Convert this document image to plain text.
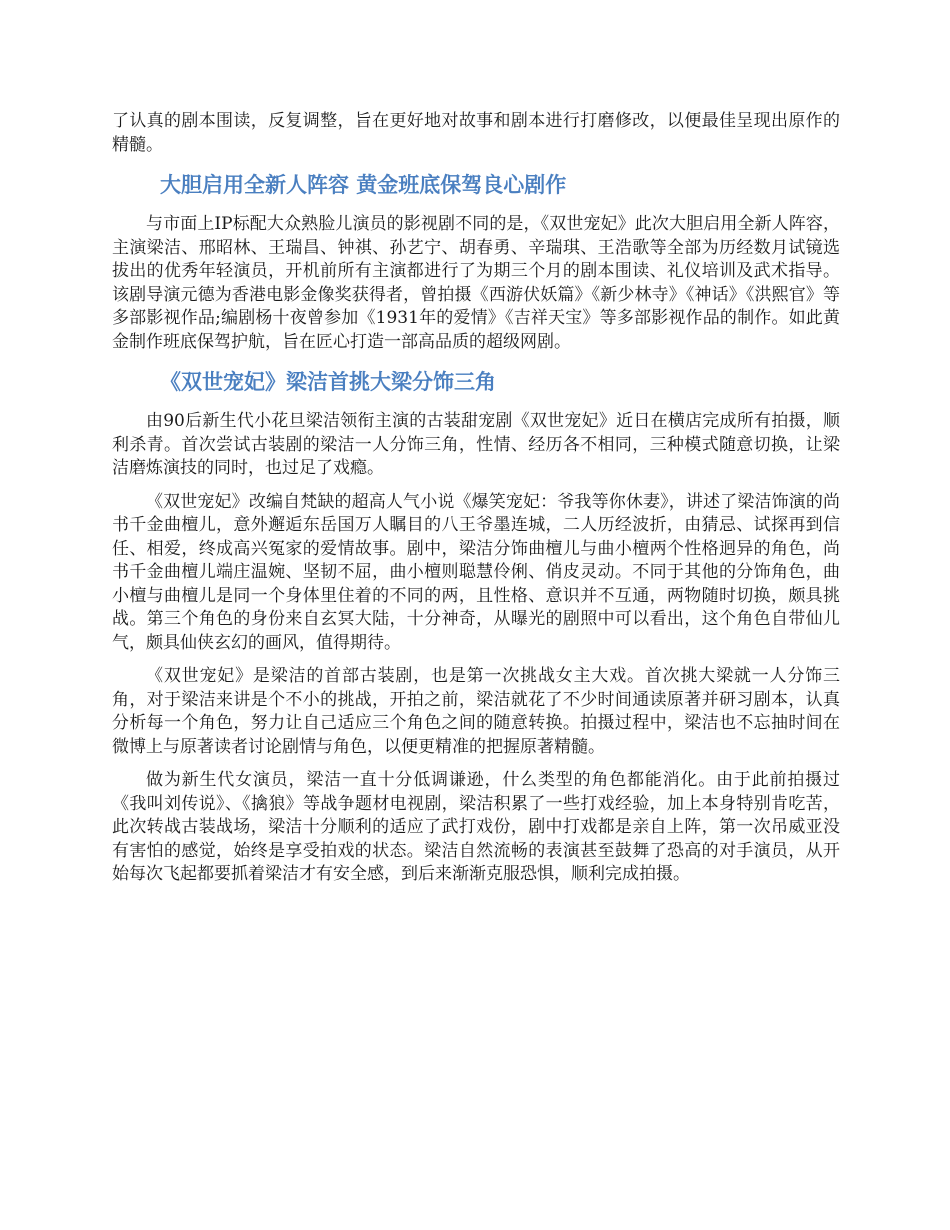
了认真的剧本围读，反复调整，旨在更好地对故事和剧本进行打磨修改，以便最佳呈现出原作的精髓。

大胆启用全新人阵容 黄金班底保驾良心剧作

与市面上IP标配大众熟脸儿演员的影视剧不同的是，《双世宠妃》此次大胆启用全新人阵容，主演梁洁、邢昭林、王瑞昌、钟祺、孙艺宁、胡春勇、辛瑞琪、王浩歌等全部为历经数月试镜选拔出的优秀年轻演员，开机前所有主演都进行了为期三个月的剧本围读、礼仪培训及武术指导。该剧导演元德为香港电影金像奖获得者，曾拍摄《西游伏妖篇》《新少林寺》《神话》《洪熙官》等多部影视作品;编剧杨十夜曾参加《1931年的爱情》《吉祥天宝》等多部影视作品的制作。如此黄金制作班底保驾护航，旨在匠心打造一部高品质的超级网剧。

《双世宠妃》梁洁首挑大梁分饰三角

由90后新生代小花旦梁洁领衔主演的古装甜宠剧《双世宠妃》近日在横店完成所有拍摄，顺利杀青。首次尝试古装剧的梁洁一人分饰三角，性情、经历各不相同，三种模式随意切换，让梁洁磨炼演技的同时，也过足了戏瘾。

《双世宠妃》改编自梵缺的超高人气小说《爆笑宠妃：爷我等你休妻》，讲述了梁洁饰演的尚书千金曲檀儿，意外邂逅东岳国万人瞩目的八王爷墨连城，二人历经波折，由猜忌、试探再到信任、相爱，终成高兴冤家的爱情故事。剧中，梁洁分饰曲檀儿与曲小檀两个性格迥异的角色，尚书千金曲檀儿端庄温婉、坚韧不屈，曲小檀则聪慧伶俐、俏皮灵动。不同于其他的分饰角色，曲小檀与曲檀儿是同一个身体里住着的不同的两，且性格、意识并不互通，两物随时切换，颇具挑战。第三个角色的身份来自玄冥大陆，十分神奇，从曝光的剧照中可以看出，这个角色自带仙儿气，颇具仙侠玄幻的画风，值得期待。

《双世宠妃》是梁洁的首部古装剧，也是第一次挑战女主大戏。首次挑大梁就一人分饰三角，对于梁洁来讲是个不小的挑战，开拍之前，梁洁就花了不少时间通读原著并研习剧本，认真分析每一个角色，努力让自己适应三个角色之间的随意转换。拍摄过程中，梁洁也不忘抽时间在微博上与原著读者讨论剧情与角色，以便更精准的把握原著精髓。

做为新生代女演员，梁洁一直十分低调谦逊，什么类型的角色都能消化。由于此前拍摄过《我叫刘传说》、《擒狼》等战争题材电视剧，梁洁积累了一些打戏经验，加上本身特别肯吃苦，此次转战古装战场，梁洁十分顺利的适应了武打戏份，剧中打戏都是亲自上阵，第一次吊威亚没有害怕的感觉，始终是享受拍戏的状态。梁洁自然流畅的表演甚至鼓舞了恐高的对手演员，从开始每次飞起都要抓着梁洁才有安全感，到后来渐渐克服恐惧，顺利完成拍摄。
